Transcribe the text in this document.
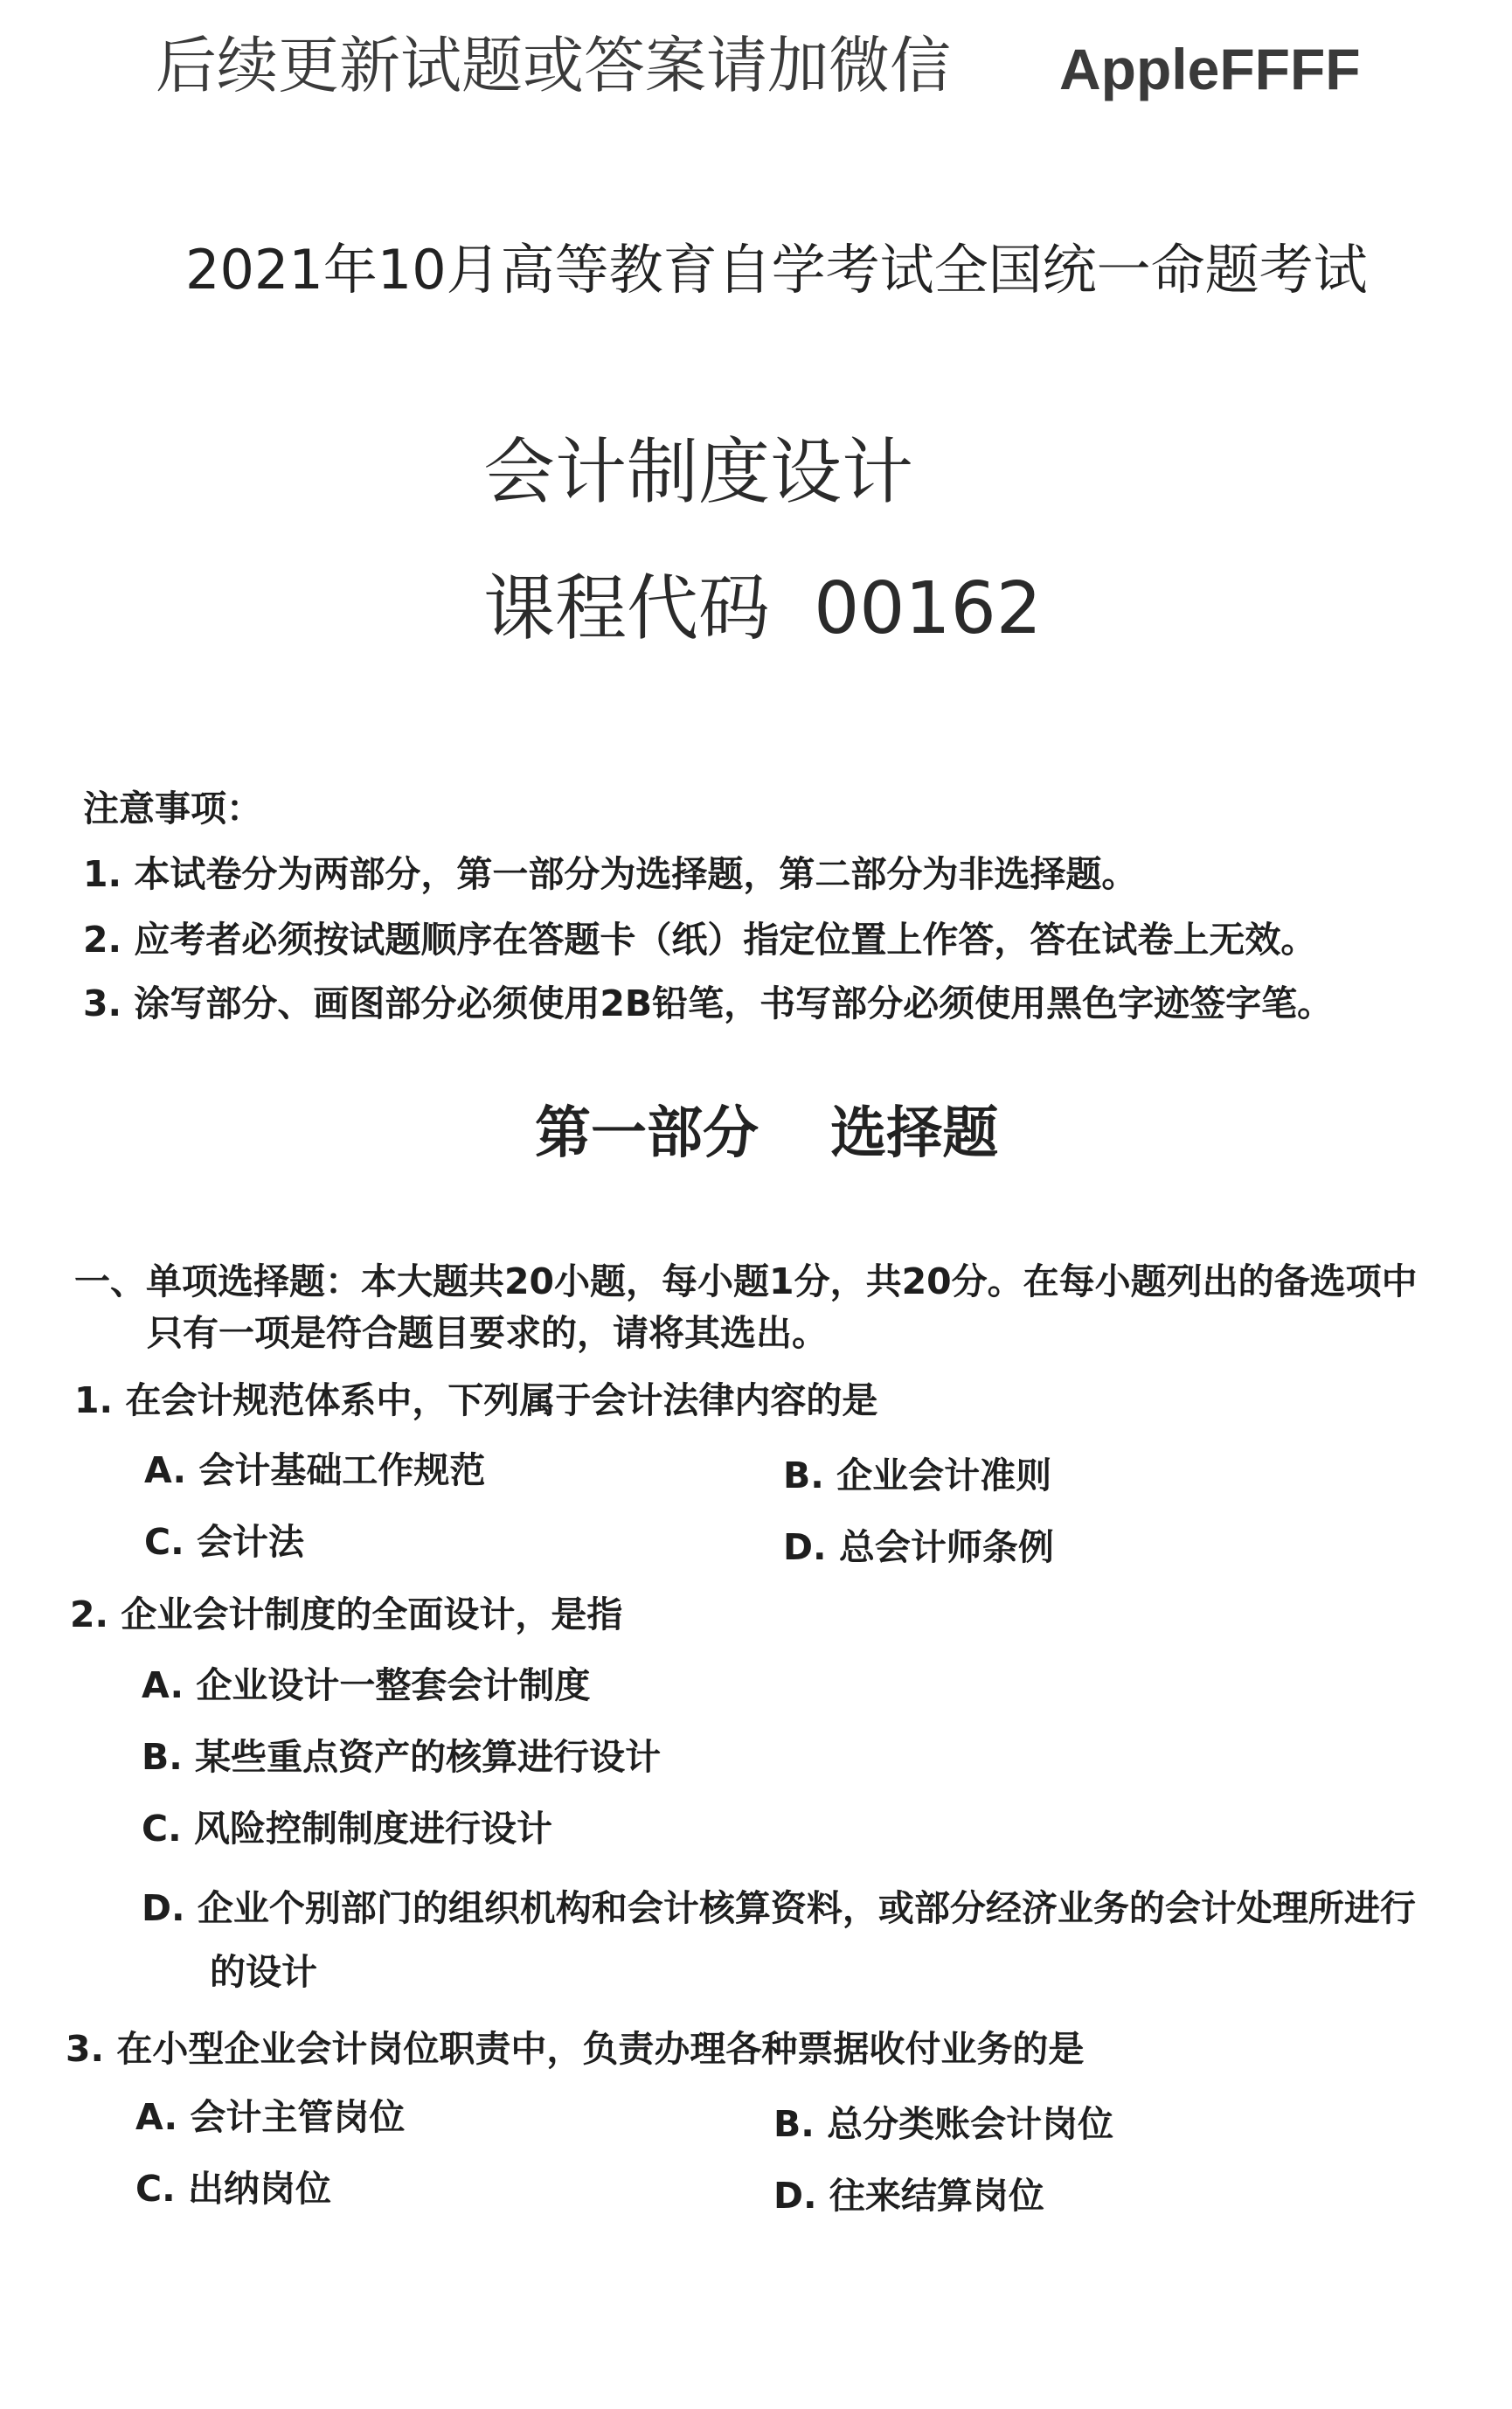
后续更新试题或答案请加微信 AppleFFFF
2021年10月高等教育自学考试全国统一命题考试
会计制度设计
课程代码 00162
注意事项：
1. 本试卷分为两部分，第一部分为选择题，第二部分为非选择题。
2. 应考者必须按试题顺序在答题卡（纸）指定位置上作答，答在试卷上无效。
3. 涂写部分、画图部分必须使用2B铅笔，书写部分必须使用黑色字迹签字笔。
第一部分 选择题
一、单项选择题：本大题共20小题，每小题1分，共20分。在每小题列出的备选项中
只有一项是符合题目要求的，请将其选出。
1. 在会计规范体系中，下列属于会计法律内容的是
A. 会计基础工作规范	B. 企业会计准则
C. 会计法	D. 总会计师条例
2. 企业会计制度的全面设计，是指
A. 企业设计一整套会计制度
B. 某些重点资产的核算进行设计
C. 风险控制制度进行设计
D. 企业个别部门的组织机构和会计核算资料，或部分经济业务的会计处理所进行
的设计
3. 在小型企业会计岗位职责中，负责办理各种票据收付业务的是
A. 会计主管岗位	B. 总分类账会计岗位
C. 出纳岗位	D. 往来结算岗位
